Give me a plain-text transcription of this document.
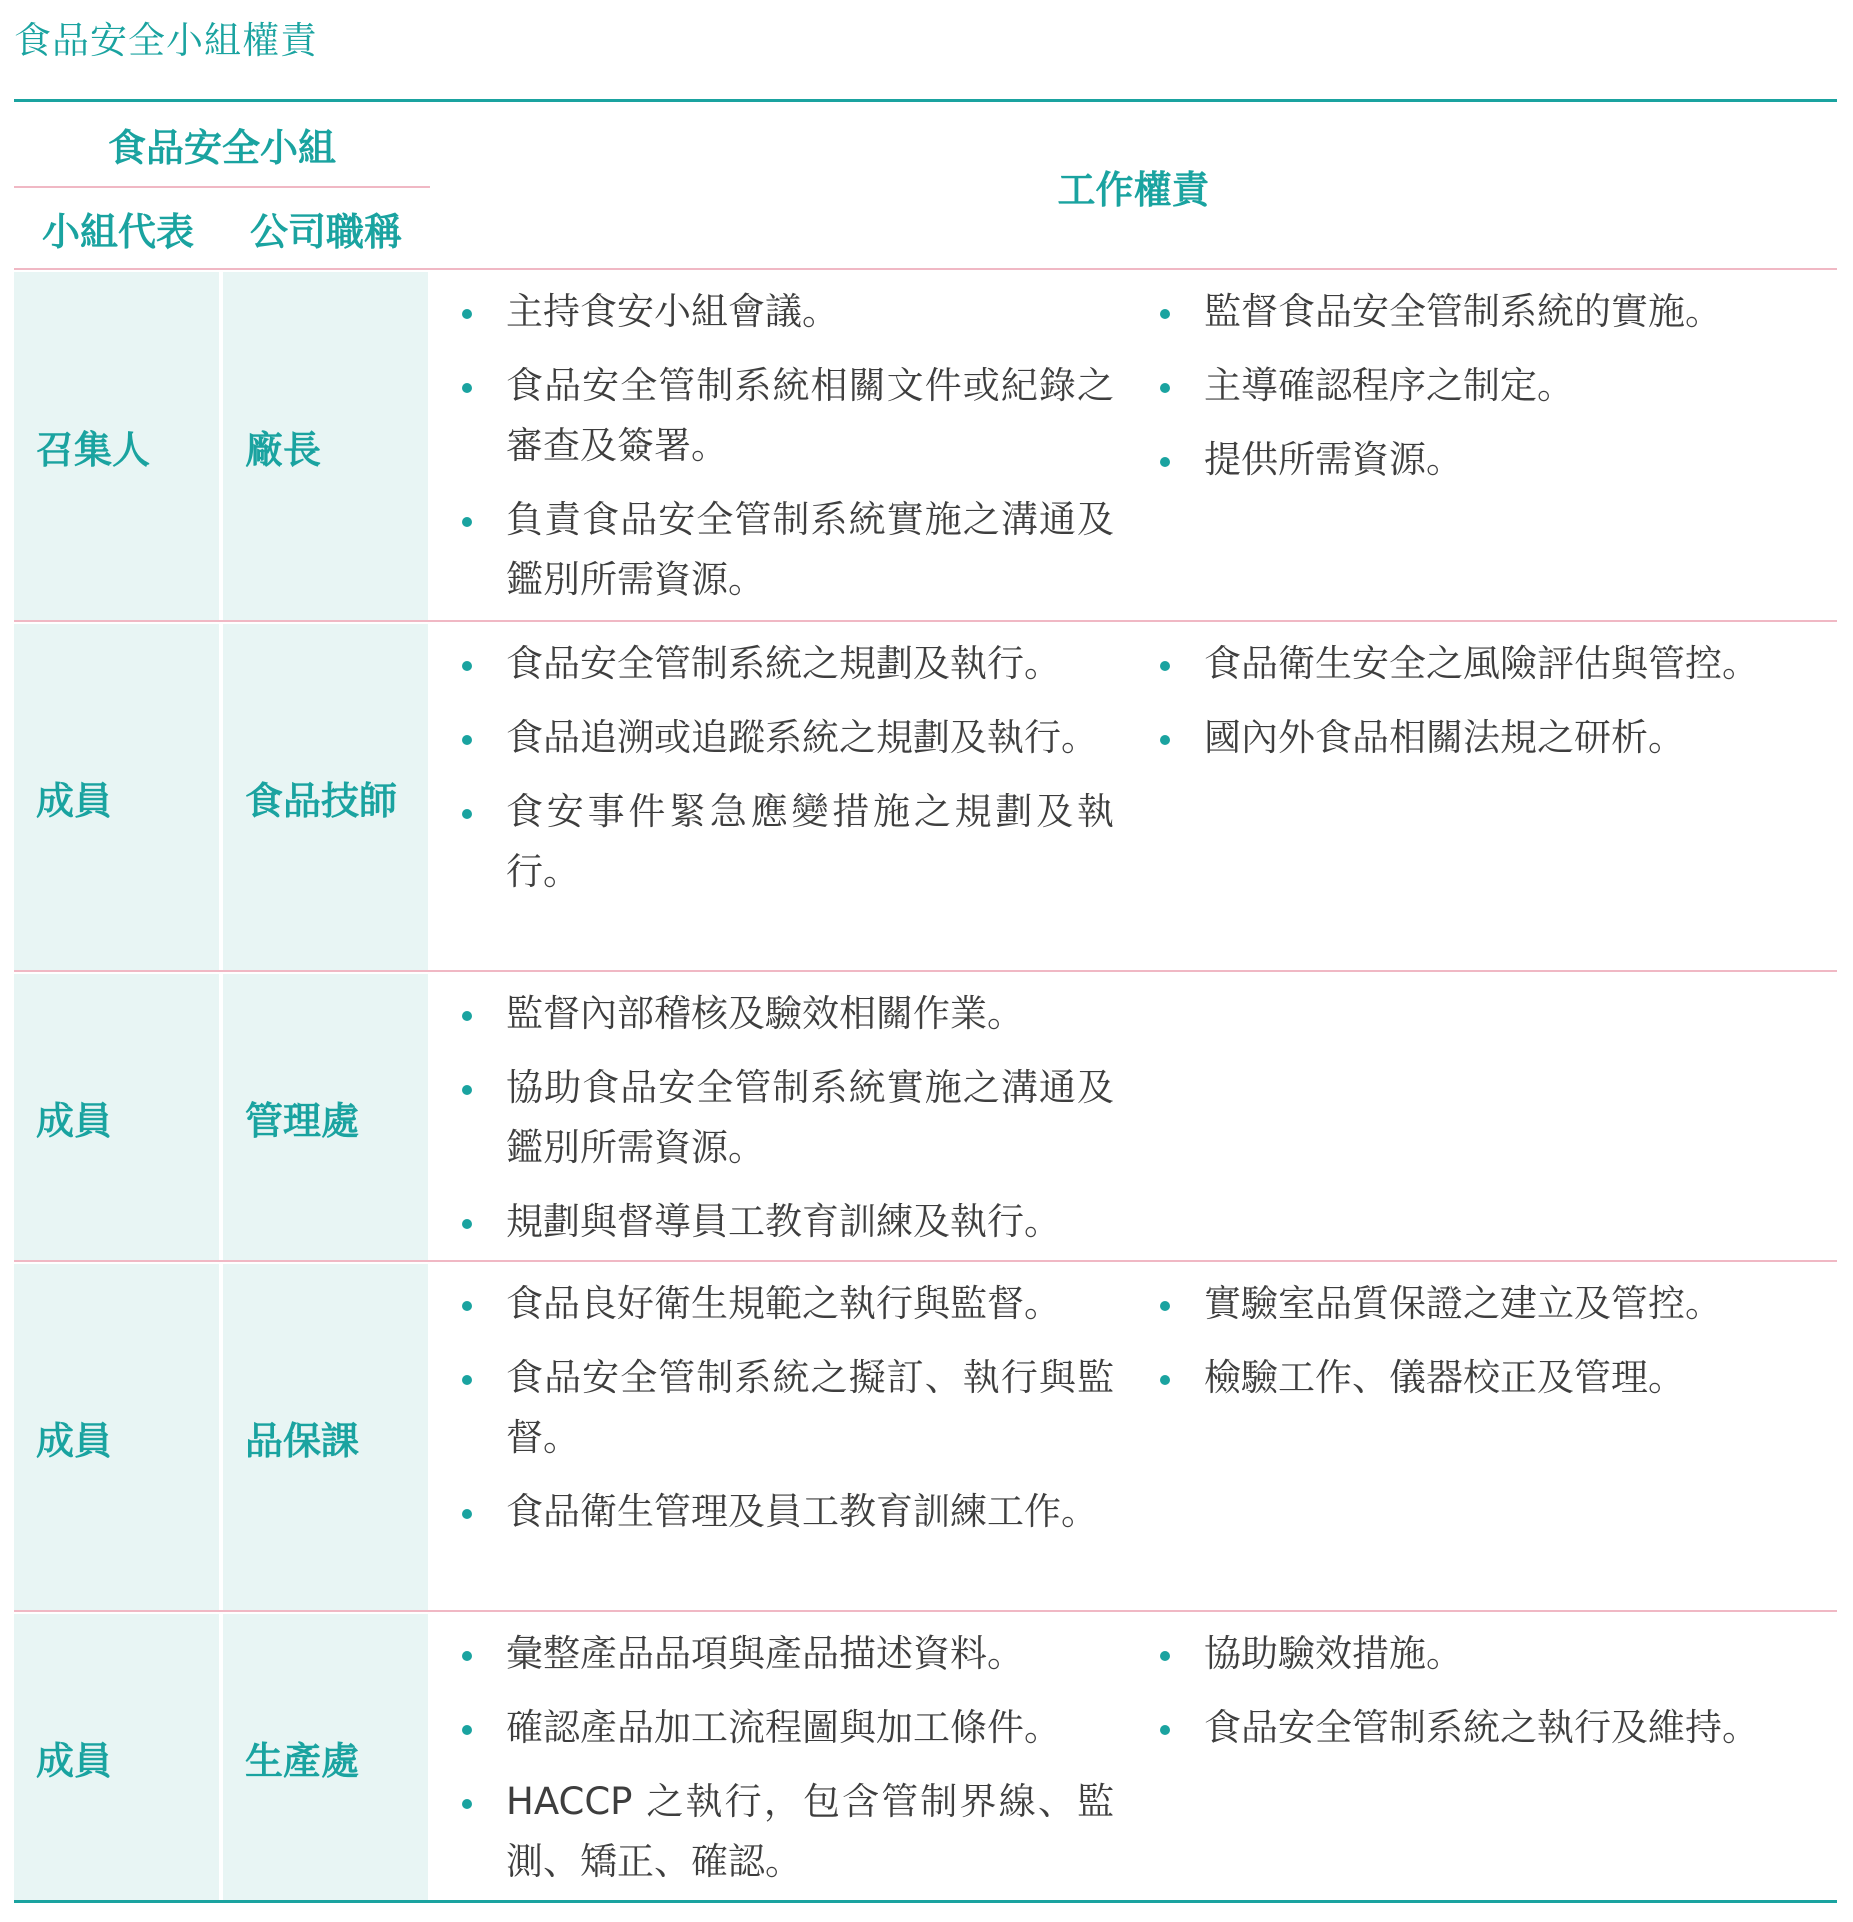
食品安全小組權責
食品安全小組
小組代表	公司職稱
工作權責
召集人	廠長
主持食安小組會議。
食品安全管制系統相關文件或紀錄之審查及簽署。
負責食品安全管制系統實施之溝通及鑑別所需資源。
監督食品安全管制系統的實施。
主導確認程序之制定。
提供所需資源。
成員	食品技師
食品安全管制系統之規劃及執行。
食品追溯或追蹤系統之規劃及執行。
食安事件緊急應變措施之規劃及執行。
食品衛生安全之風險評估與管控。
國內外食品相關法規之研析。
成員	管理處
監督內部稽核及驗效相關作業。
協助食品安全管制系統實施之溝通及鑑別所需資源。
規劃與督導員工教育訓練及執行。
成員	品保課
食品良好衛生規範之執行與監督。
食品安全管制系統之擬訂、執行與監督。
食品衛生管理及員工教育訓練工作。
實驗室品質保證之建立及管控。
檢驗工作、儀器校正及管理。
成員	生產處
彙整產品品項與產品描述資料。
確認產品加工流程圖與加工條件。
HACCP 之執行，包含管制界線、監測、矯正、確認。
協助驗效措施。
食品安全管制系統之執行及維持。
